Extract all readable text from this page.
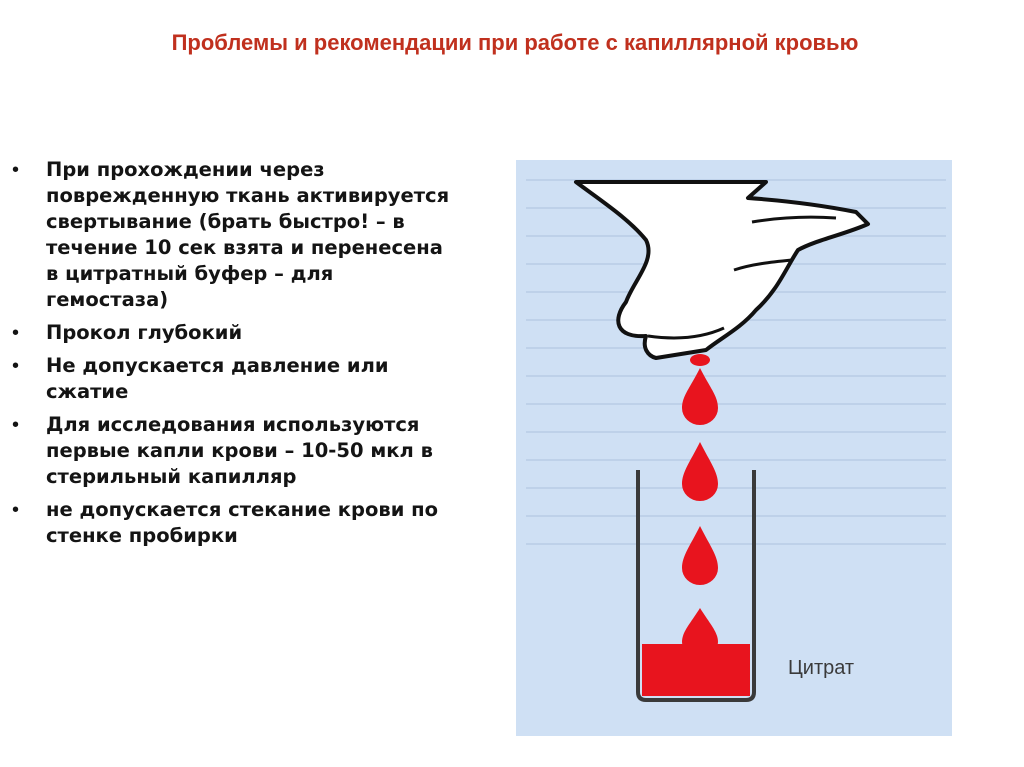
Проблемы и рекомендации при работе с капиллярной кровью
• При прохождении через поврежденную ткань активируется свертывание (брать быстро! – в течение 10 сек взята и перенесена в цитратный буфер – для гемостаза)
• Прокол глубокий
• Не допускается давление или сжатие
• Для исследования используются первые капли крови – 10-50 мкл в стерильный капилляр
• не допускается стекание крови по стенке пробирки
Цитрат
